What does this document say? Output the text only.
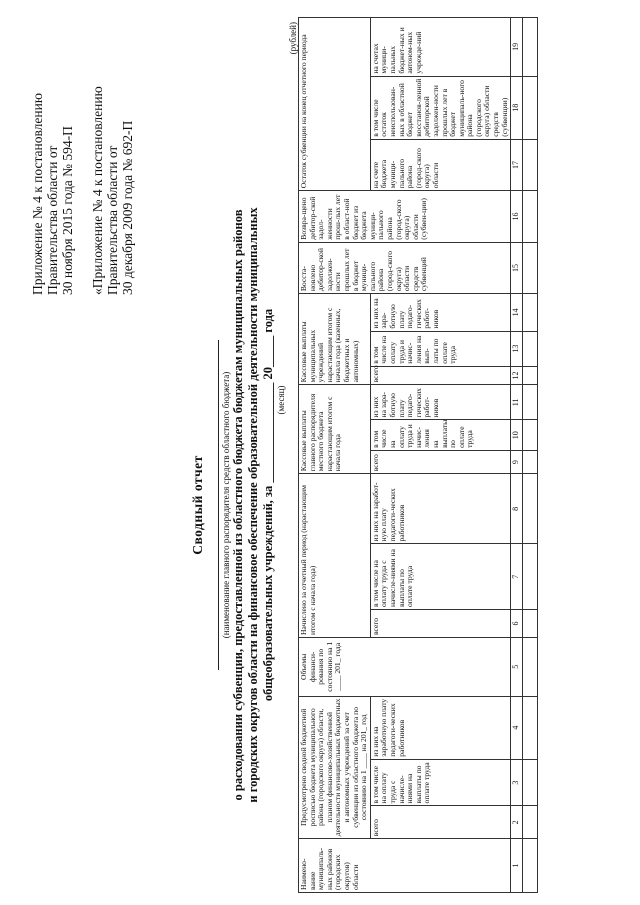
Приложение № 4 к постановлению Правительства области от 30 ноября 2015 года № 594-П «Приложение № 4 к постановлению Правительства области от 30 декабря 2009 года № 692-П
Сводный отчет (наименование главного распорядителя средств областного бюджета) о расходовании субвенции, предоставленной из областного бюджета бюджетам муниципальных районов и городских округов области на финансовое обеспечение образовательной деятельности муниципальных общеобразовательных учреждений, за ________________ 20_____ года (месяц)
(рублей)
Наимено-вание муниципаль-ных районов (городских округов) области	Предусмотрено сводной бюджетной росписью бюджета муниципального района (городского округа) области, планом финансово-хозяйственной деятельности муниципальных бюджетных и автономных учреждений за счет субвенции из областного бюджета по состоянию на 1 ____ на 201_ год			Объемы финанси-рования по состоянию на 1 ____ 201_ года	Начислено за отчетный период (нарастающим итогом с начала года)			Кассовые выплаты главного распорядителя местного бюджета нарастающим итогом с начала года			Кассовые выплаты муниципальных учреждений нарастающим итогом с начала года (казенных, бюджетных и автономных)			Восста-новлено дебитор-ской задолжен-ности прошлых лет в бюджет муници-пального района (город-ского округа) области средств субвенций	Возвра-щено дебитор-ской задол-женности прош-лых лет в област-ной бюджет из бюджета муници-пального района (город-ского округа) области (субвен-ции)	Остаток субвенции на конец отчетного периода		
	всего	в том числе на оплату труда с начисле-ниями на выплаты по оплате труда	из них на заработную плату педагоги-ческих работников		всего	в том числе на оплату труда с начисле-ниями на выплаты по оплате труда	из них на заработ-ную плату педагоги-ческих работников	всего	в том числе на оплату труда и начис-ления на выплаты по оплате труда	из них на зара-ботную плату педаго-гических работ-ников	всего	в том числе на оплату труда и начис-ления на вып-латы по оплате труда	из них на зара-ботную плату педаго-гических работ-ников			на счете бюджета муници-пального района (город-ского округа) области	в том числе остаток неиспользован-ных в областной бюджет восстанов-ленной дебиторской задолжен-ности прошлых лет в бюджет муниципаль-ного района (городского округа) области средств (субвенции)	на счетах муници-пальных бюджет-ных и автоном-ных учрежде-ний
1	2	3	4	5	6	7	8	9	10	11	12	13	14	15	16	17	18	19
